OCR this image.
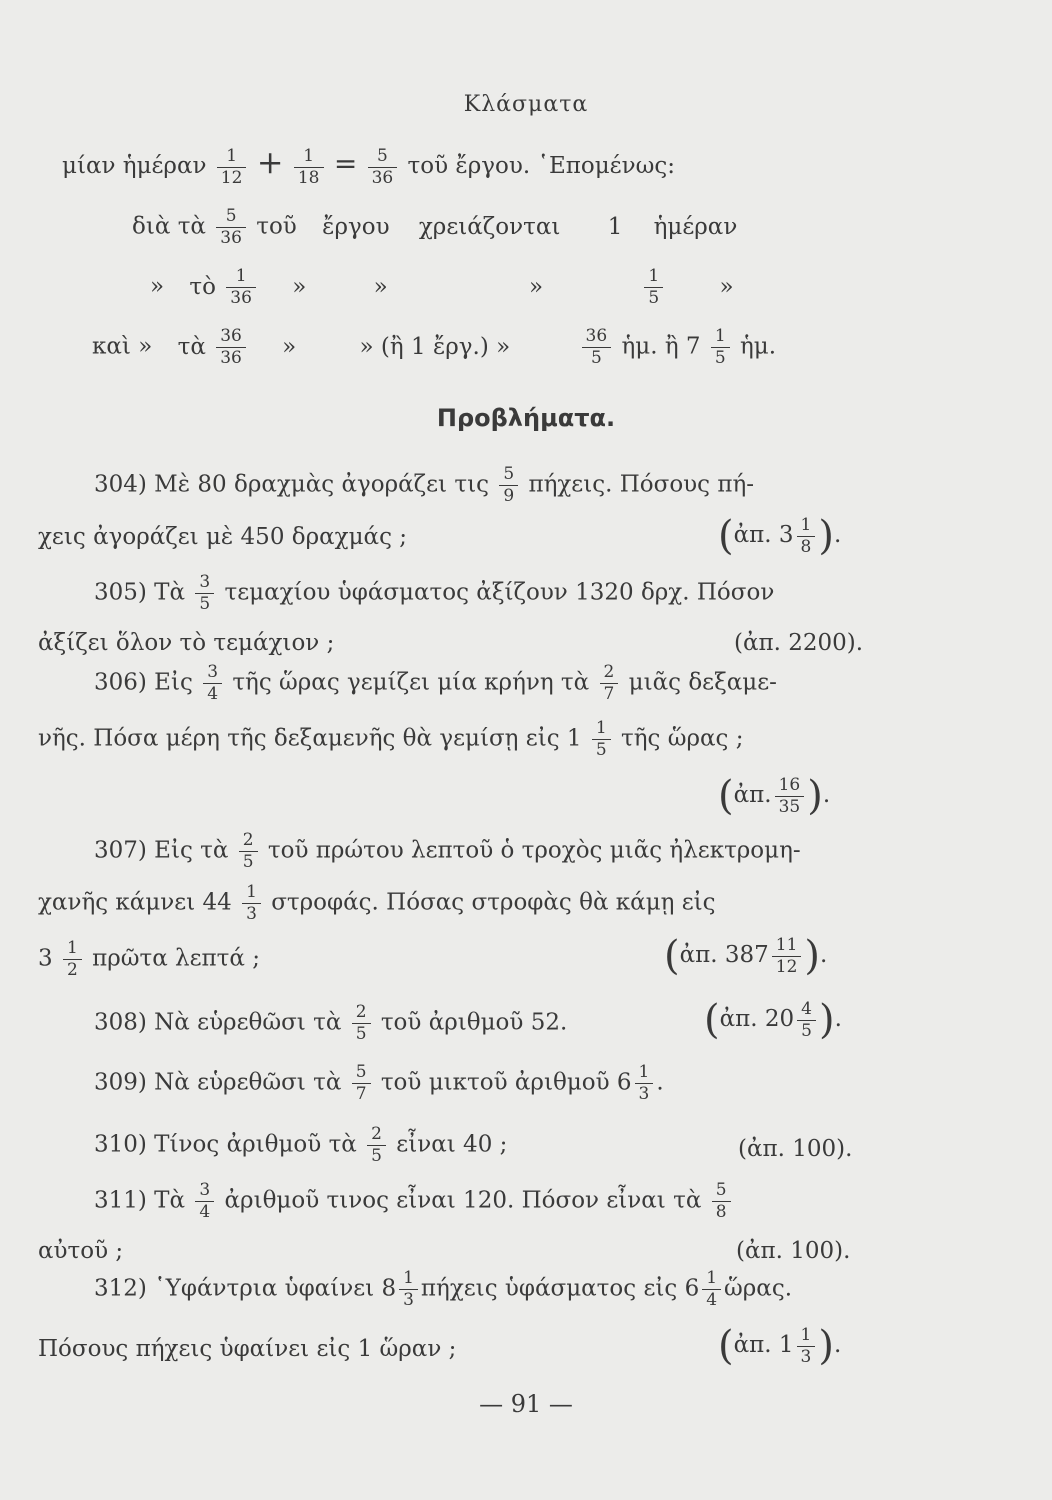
Κλάσματα
μίαν ἡμέραν $\frac{1}{12} + \frac{1}{18} = \frac{5}{36}$ τοῦ ἔργου. ῾Επομένως:
διὰ τὰ $\frac{5}{36}$ τοῦ ἔργου χρειάζονται 1 ἡμέραν
» τὸ $\frac{1}{36}$ »	»	»	$\frac{1}{5}$	»
καὶ » τὰ $\frac{36}{36}$ »	» (ἢ 1 ἔργ.) »	$\frac{36}{5}$ ἡμ. ἢ $7 \frac{1}{5}$ ἡμ.
Προβλήματα.
304) Μὲ 80 δραχμὰς ἀγοράζει τις $\frac{5}{9} \pi ή\chi\varepsilon\iota\varsigma$. Πόσους πή-
χεις ἀγοράζει μὲ 450 δραχμάς ;	(ἀπ. $3 \frac{1}{8}$ ).
305) Τὰ $\frac{3}{5}$ τεμαχίου ὑφάσματος ἀξίζουν 1320 δρχ. Πόσον
ἀξίζει ὅλον τὸ τεμάχιον ;	(ἀπ. 2200).
306) Εἰς $\frac{3}{4}$ τῆς ὥρας γεμίζει μία κρήνη τὰ $\frac{2}{7}$ μιᾶς δεξαμε-
νῆς. Πόσα μέρη τῆς δεξαμενῆς θὰ γεμίσῃ εἰς $1 \frac{1}{5}$ τῆς ὥρας ;
(ἀπ. $\frac{16}{35}$ ).
307) Εἰς τὰ $\frac{2}{5}$ τοῦ πρώτου λεπτοῦ ὁ τροχὸς μιᾶς ἠλεκτρομη-
χανῆς κάμνει $44 \frac{1}{3} \sigma\tau\rho o\varphi ά\varsigma$. Πόσας στροφὰς θὰ κάμῃ εἰς
$3 \frac{1}{2}$ πρῶτα λεπτά ;	(ἀπ. $387 \frac{11}{12}$ ).
308) Νὰ εὑρεθῶσι τὰ $\frac{2}{5}$ τοῦ ἀριθμοῦ 52.	(ἀπ. $20 \frac{4}{5}$ ).
309) Νὰ εὑρεθῶσι τὰ $\frac{5}{7}$ τοῦ μικτοῦ ἀριθμοῦ $6 \frac{1}{3}$ .
310) Τίνος ἀριθμοῦ τὰ $\frac{2}{5}$ εἶναι 40 ;	(ἀπ. 100).
311) Τὰ $\frac{3}{4}$ ἀριθμοῦ τινος εἶναι 120. Πόσον εἶναι τὰ $\frac{5}{8}$
αὐτοῦ ;	(ἀπ. 100).
312) ῾Υφάντρια ὑφαίνει $8 \frac{1}{3}$ πήχεις ὑφάσματος εἰς $6 \frac{1}{4}$ ὥρας.
Πόσους πήχεις ὑφαίνει εἰς 1 ὥραν ;	(ἀπ. $1 \frac{1}{3}$ ).
— 91 —
